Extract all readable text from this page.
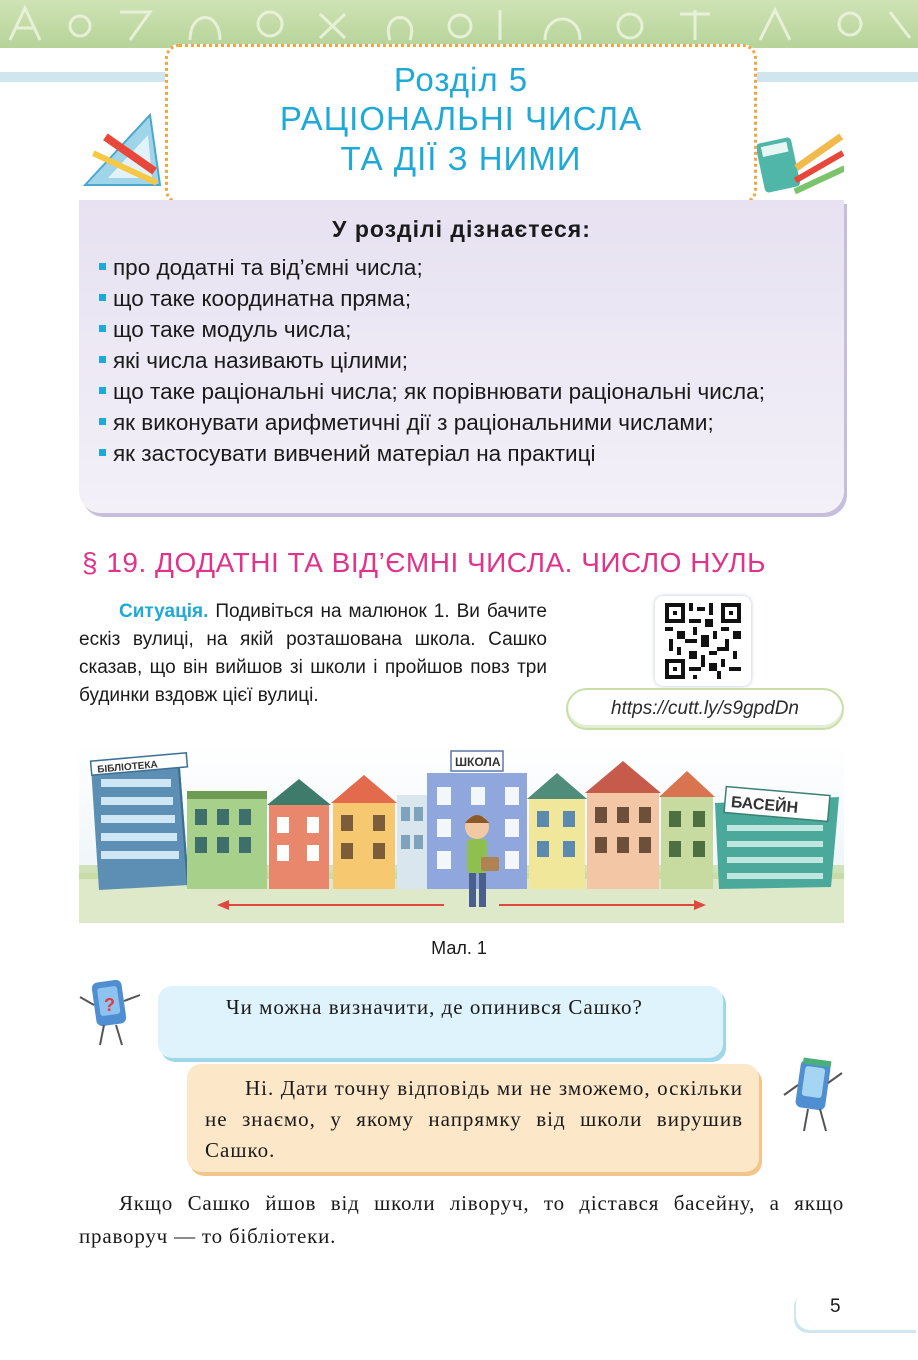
Розділ 5
РАЦІОНАЛЬНІ ЧИСЛА
ТА ДІЇ З НИМИ
У розділі дізнаєтеся:
про додатні та від’ємні числа;
що таке координатна пряма;
що таке модуль числа;
які числа називають цілими;
що таке раціональні числа; як порівнювати раціональні числа;
як виконувати арифметичні дії з раціональними числами;
як застосувати вивчений матеріал на практиці
§ 19. ДОДАТНІ ТА ВІД’ЄМНІ ЧИСЛА. ЧИСЛО НУЛЬ

Ситуація. Подивіться на малюнок 1. Ви бачите ескіз вулиці, на якій розташована школа. Сашко сказав, що він вийшов зі школи і пройшов повз три будинки вздовж цієї вулиці.

https://cutt.ly/s9gpdDn
БІБЛІОТЕКА	ШКОЛА
БАСЕЙН
Мал. 1
?	Чи можна визначити, де опинився Сашко?

Ні. Дати точну відповідь ми не зможемо, оскільки не знаємо, у якому напрямку від школи вирушив Сашко.

Якщо Сашко йшов від школи ліворуч, то дістався басейну, а якщо праворуч — то бібліотеки.

5
